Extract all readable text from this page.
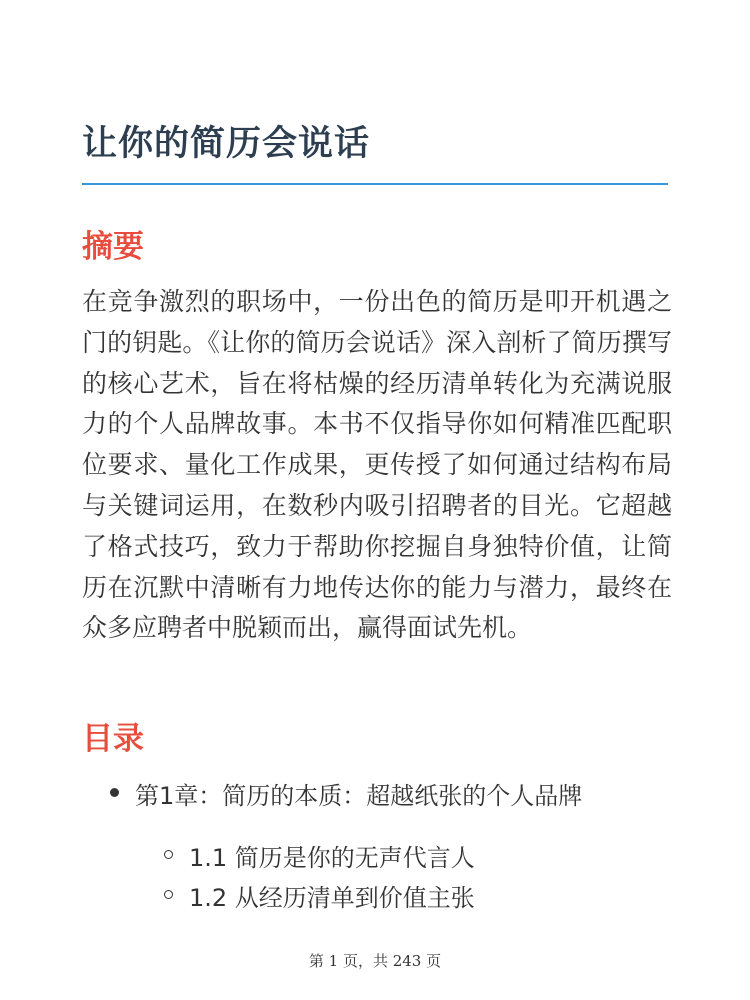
让你的简历会说话
摘要

在竞争激烈的职场中，一份出色的简历是叩开机遇之门的钥匙。《让你的简历会说话》深入剖析了简历撰写的核心艺术，旨在将枯燥的经历清单转化为充满说服力的个人品牌故事。本书不仅指导你如何精准匹配职位要求、量化工作成果，更传授了如何通过结构布局与关键词运用，在数秒内吸引招聘者的目光。它超越了格式技巧，致力于帮助你挖掘自身独特价值，让简历在沉默中清晰有力地传达你的能力与潜力，最终在众多应聘者中脱颖而出，赢得面试先机。

目录
第1章：简历的本质：超越纸张的个人品牌
1.1 简历是你的无声代言人
1.2 从经历清单到价值主张
第 1 页，共 243 页
